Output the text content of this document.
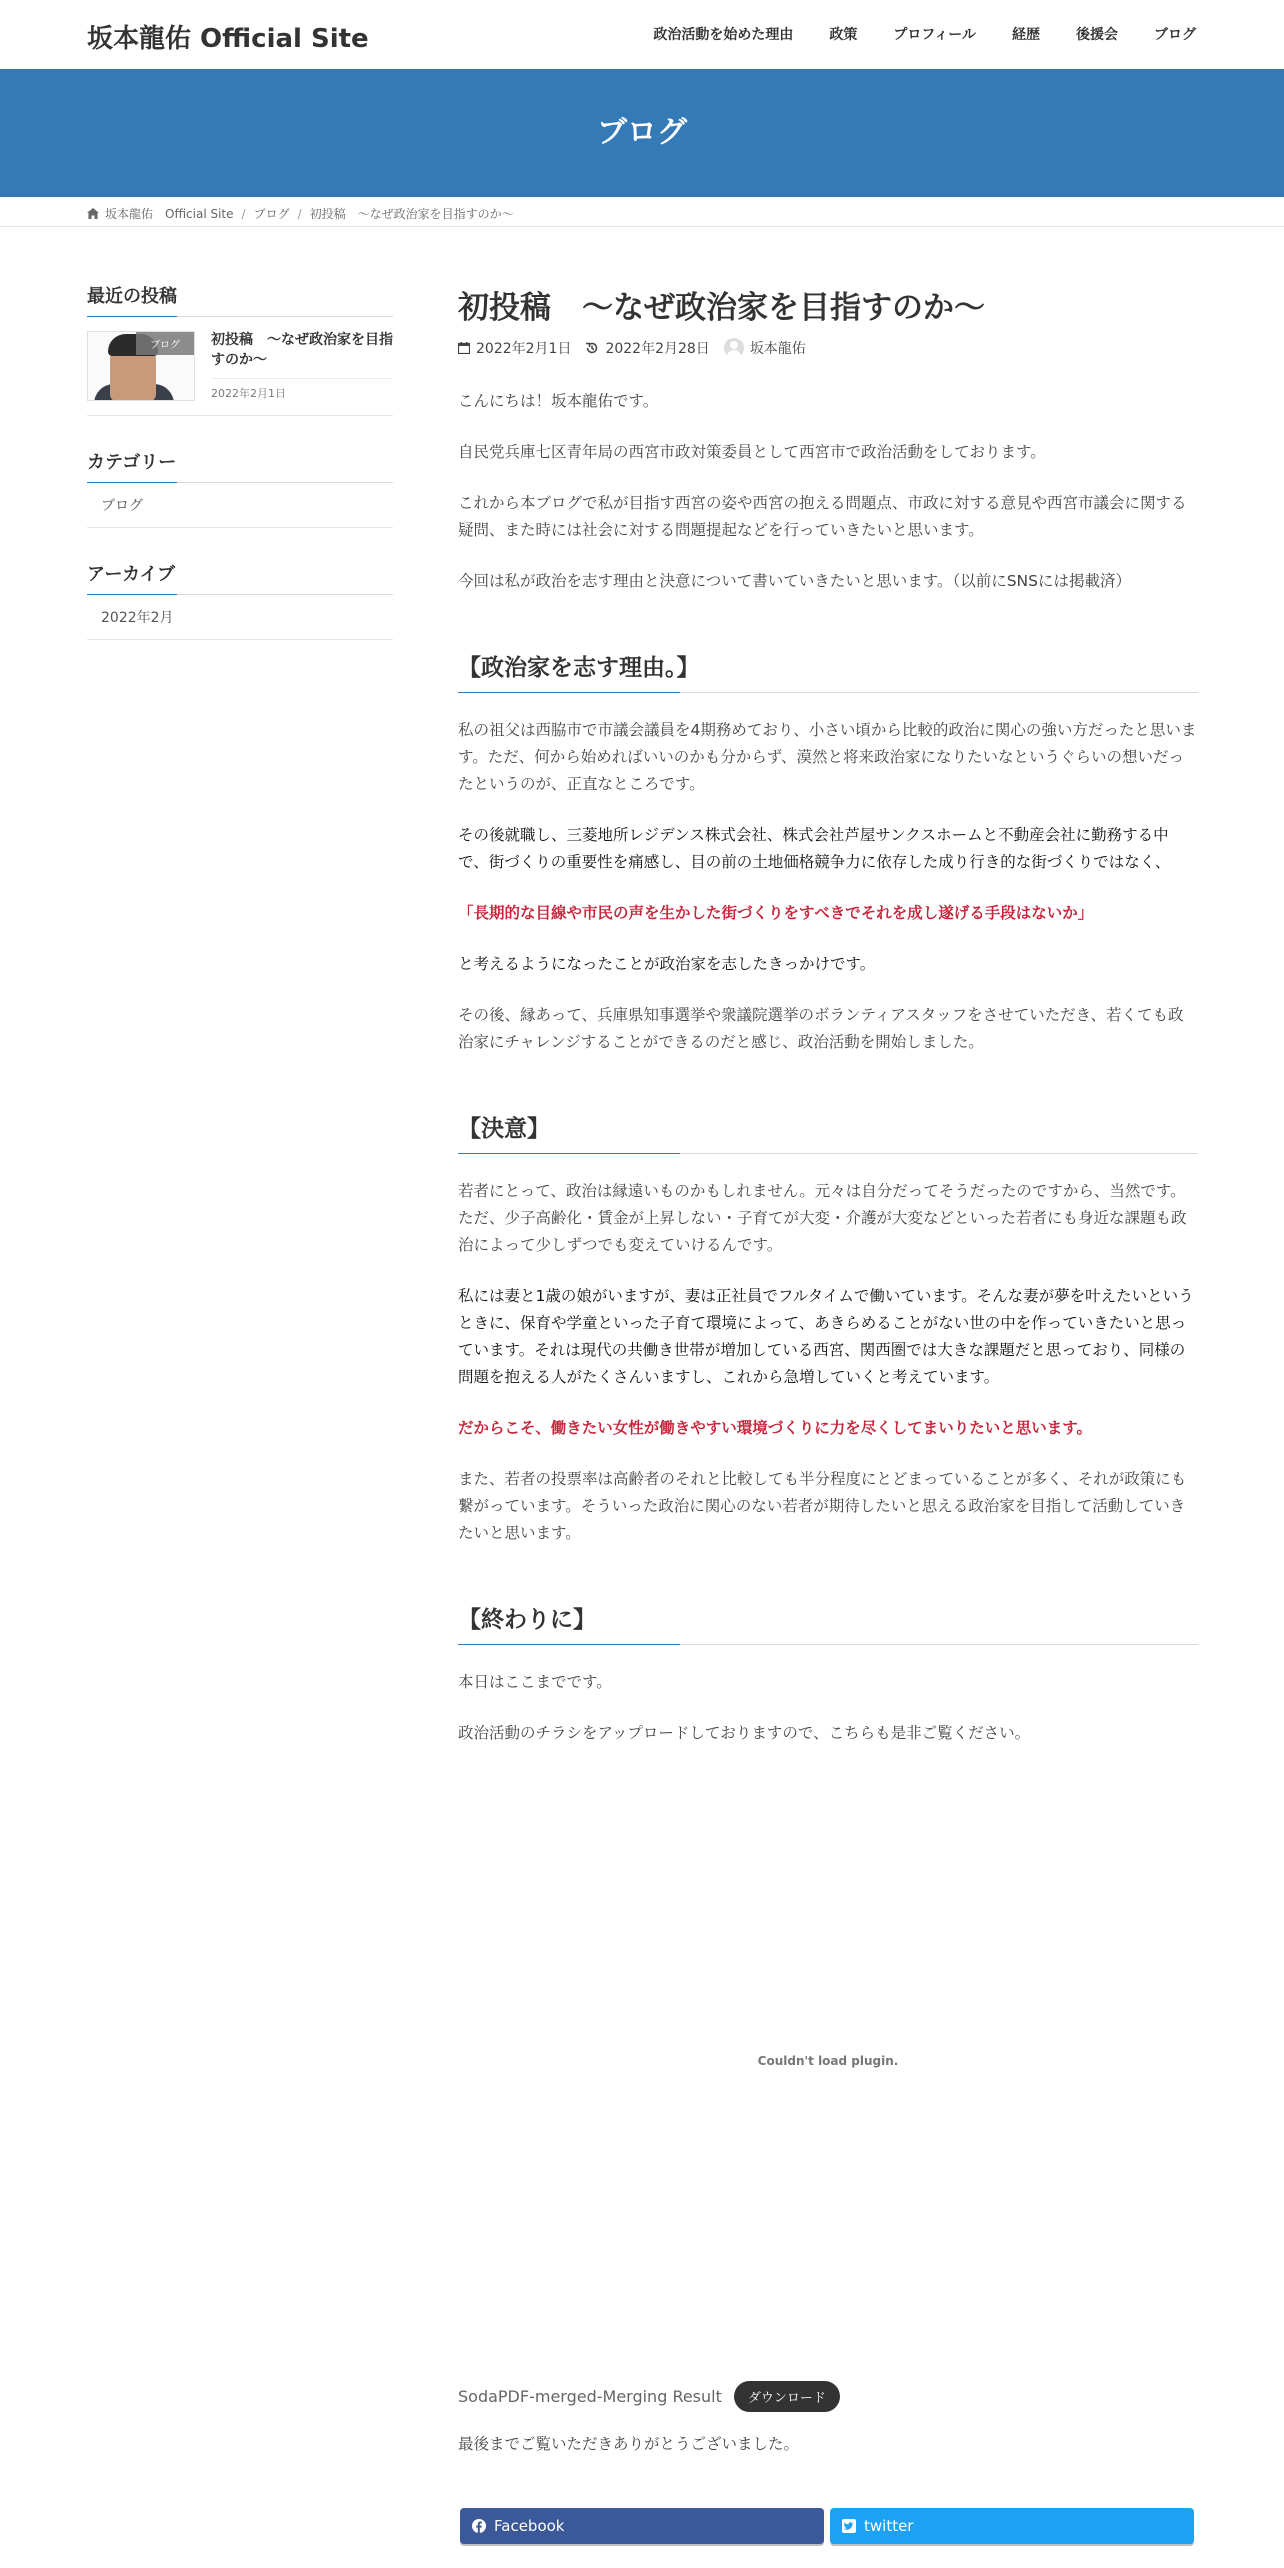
坂本龍佑 Official Site	政治活動を始めた理由	政策	プロフィール	経歴	後援会	ブログ
ブログ
坂本龍佑　Official Site / ブログ / 初投稿　〜なぜ政治家を目指すのか〜
最近の投稿
ブログ	初投稿　〜なぜ政治家を目指すのか〜
2022年2月1日
カテゴリー
ブログ
アーカイブ
2022年2月
初投稿　〜なぜ政治家を目指すのか〜
2022年2月1日 2022年2月28日	坂本龍佑

こんにちは！坂本龍佑です。

自民党兵庫七区青年局の西宮市政対策委員として西宮市で政治活動をしております。

これから本ブログで私が目指す西宮の姿や西宮の抱える問題点、市政に対する意見や西宮市議会に関する疑問、また時には社会に対する問題提起などを行っていきたいと思います。

今回は私が政治を志す理由と決意について書いていきたいと思います。（以前にSNSには掲載済）

【政治家を志す理由。】

私の祖父は西脇市で市議会議員を4期務めており、小さい頃から比較的政治に関心の強い方だったと思います。ただ、何から始めればいいのかも分からず、漠然と将来政治家になりたいなというぐらいの想いだったというのが、正直なところです。

その後就職し、三菱地所レジデンス株式会社、株式会社芦屋サンクスホームと不動産会社に勤務する中で、街づくりの重要性を痛感し、目の前の土地価格競争力に依存した成り行き的な街づくりではなく、

「長期的な目線や市民の声を生かした街づくりをすべきでそれを成し遂げる手段はないか」

と考えるようになったことが政治家を志したきっかけです。

その後、縁あって、兵庫県知事選挙や衆議院選挙のボランティアスタッフをさせていただき、若くても政治家にチャレンジすることができるのだと感じ、政治活動を開始しました。

【決意】

若者にとって、政治は縁遠いものかもしれません。元々は自分だってそうだったのですから、当然です。ただ、少子高齢化・賃金が上昇しない・子育てが大変・介護が大変などといった若者にも身近な課題も政治によって少しずつでも変えていけるんです。

私には妻と1歳の娘がいますが、妻は正社員でフルタイムで働いています。そんな妻が夢を叶えたいというときに、保育や学童といった子育て環境によって、あきらめることがない世の中を作っていきたいと思っています。それは現代の共働き世帯が増加している西宮、関西圏では大きな課題だと思っており、同様の問題を抱える人がたくさんいますし、これから急増していくと考えています。

だからこそ、働きたい女性が働きやすい環境づくりに力を尽くしてまいりたいと思います。

また、若者の投票率は高齢者のそれと比較しても半分程度にとどまっていることが多く、それが政策にも繋がっています。そういった政治に関心のない若者が期待したいと思える政治家を目指して活動していきたいと思います。

【終わりに】

本日はここまでです。

政治活動のチラシをアップロードしておりますので、こちらも是非ご覧ください。

Couldn't load plugin.
SodaPDF-merged-Merging Result	ダウンロード

最後までご覧いただきありがとうございました。

Facebook	twitter
